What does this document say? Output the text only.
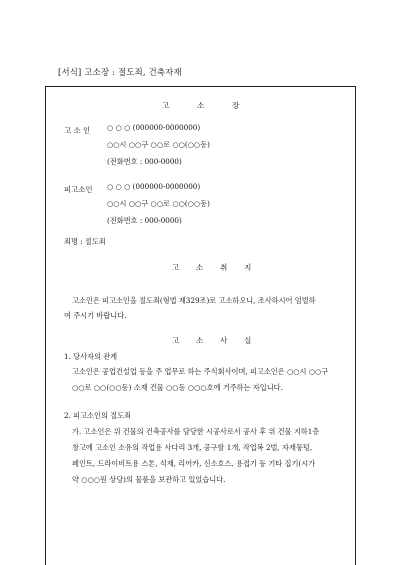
[서식] 고소장 : 절도죄, 건축자재
고	소	장
고 소 인 ○ ○ ○ (000000-0000000)
○○시 ○○구 ○○로 ○○(○○동)
(전화번호 : 000-0000)
피고소인 ○ ○ ○ (000000-0000000)
○○시 ○○구 ○○로 ○○(○○동)
(전화번호 : 000-0000)
죄명 : 절도죄
고 소 취 지
고소인은 피고소인을 절도죄(형법 제329조)로 고소하오니, 조사하시어 엄벌하
여 주시기 바랍니다.
고 소 사 실
1. 당사자의 관계
고소인은 공업건설업 등을 주 업무로 하는 주식회사이며, 피고소인은 ○○시 ○○구
○○로 ○○(○○동) 소재 건물 ○○동 ○○○호에 거주하는 자입니다.
2. 피고소인의 절도죄
가. 고소인은 위 건물의 건축공사를 담당한 시공사로서 공사 후 위 건물 지하1층
창고에 고소인 소유의 작업용 사다리 3개, 공구함 1개, 작업복 2벌, 자재뭉텅,
페인트, 드라이비트용 스톤, 석재, 리어카, 신소호스, 용접기 등 기타 집기(시가
약 ○○○원 상당)의 물품을 보관하고 있었습니다.
